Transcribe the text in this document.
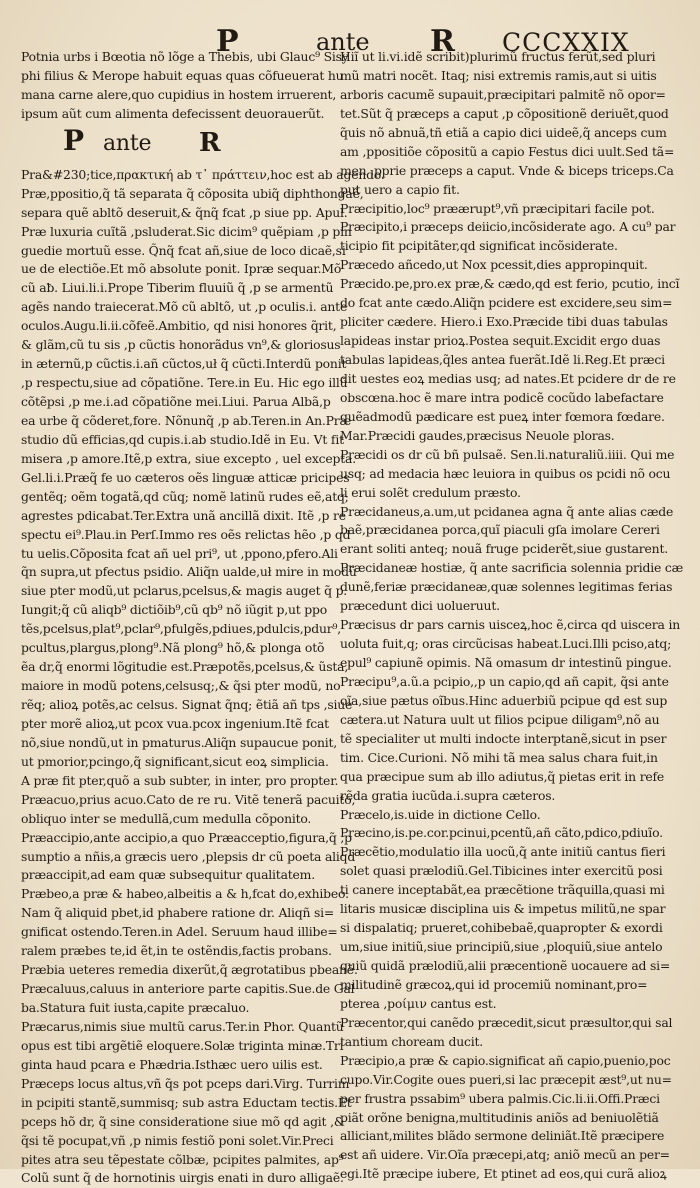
P	ante R CCCXXIX
Potnia urbs i Bœotia nõ lõge a Thebis, ubi Glauc⁹ Sisy
phi filius & Merope habuit equas quas cõfueuerat hu
mana carne alere,quo cupidius in hostem irruerent,
ipsum aũt cum alimenta defecissent deuorauerũt.
P ante R
Pra&#230;tice,πρακτική ab τ᾽ πράττειν,hoc est ab agendo.
Præ,ppositio,q̃ tã separata q̃ cõposita ubiq̃ diphthongaẽ,
separa quẽ abltõ deseruit,& q̃nq̃ fcat ,p siue pp. Apul.
Præ luxuria cuĩtã ,psluderat.Sic dicim⁹ quẽpiam ,p pin
guedie mortuũ esse. Q̃nq̃ fcat añ,siue de loco dicaẽ,si
ue de electiõe.Et mõ absolute ponit. Ipræ sequar.Mõ
cũ aƀ. Liui.li.i.Prope Tiberim fluuiũ q̃ ,p se armentũ
agẽs nando traiecerat.Mõ cũ abltõ, ut ,p oculis.i. ante
oculos.Augu.li.ii.cõfeẽ.Ambitio, qd nisi honores q̃rit,
& glãm,cũ tu sis ,p cũctis honorãdus vn⁹,& gloriosus
in æternũ,p cũctis.i.añ cũctos,uł q̃ cũcti.Interdũ ponit
,p respectu,siue ad cõpatiõne. Tere.in Eu. Hic ego illũ
cõtẽpsi ,p me.i.ad cõpatiõne mei.Liui. Parua Albã,p
ea urbe q̃ cõderet,fore. Nõnunq̃ ,p ab.Teren.in An.Præ
studio dũ efficias,qd cupis.i.ab studio.Idẽ in Eu. Vt fit
misera ,p amore.Itẽ,p extra, siue excepto , uel excepta.
Gel.li.i.Præq̃ fe uo cæteros oẽs linguæ atticæ pricipes
gentẽq; oẽm togatã,qd cũq; nomẽ latinũ rudes eẽ,atq;
agrestes pdicabat.Ter.Extra unã ancillã dixit. Itẽ ,p re
spectu ei⁹.Plau.in Perſ.Immo res oẽs relictas hẽo ,p qd
tu uelis.Cõposita fcat añ uel pri⁹, ut ,ppono,pfero.Ali
q̃n supra,ut pfectus psidio. Aliq̃n ualde,uł mire in modũ
siue pter modũ,ut pclarus,pcelsus,& magis auget q̃ p.
Iungit;q̃ cũ aliqb⁹ dictiõib⁹,cũ qb⁹ nõ iũgit p,ut ppo
tẽs,pcelsus,plat⁹,pclar⁹,pfulgẽs,pdiues,pdulcis,pdur⁹,
pcultus,plargus,plong⁹.Nã plong⁹ hõ,& plonga otõ
ẽa dr,q̃ enormi lõgitudie est.Præpotẽs,pcelsus,& ũsta,
maiore in modũ potens,celsusq;,& q̃si pter modũ, no
rẽq; alioꝝ potẽs,ac celsus. Signat q̃nq; ẽtiã añ tps ,siue
pter morẽ alioꝝ,ut pcox vua.pcox ingenium.Itẽ fcat
nõ,siue nondũ,ut in pmaturus.Aliq̃n supaucue ponit,
ut pmorior,pcingo,q̃ significant,sicut eoꝝ simplicia.
A præ fit pter,quõ a sub subter, in inter, pro propter.
Præacuo,prius acuo.Cato de re ru. Vitẽ tenerã pacuito,
obliquo inter se medullã,cum medulla cõponito.
Præaccipio,ante accipio,a quo Præacceptio,figura,q̃ ,p
sumptio a nñis,a græcis uero ,plepsis dr cũ poeta aliqd
præaccipit,ad eam quæ subsequitur qualitatem.
Præbeo,a præ & habeo,albeitis a & h,fcat do,exhibeo.
Nam q̃ aliquid pbet,id phabere ratione dr. Aliqñ si=
gnificat ostendo.Teren.in Adel. Seruum haud illibe=
ralem præbes te,id ẽt,in te ostẽndis,factis probans.
Præbia ueteres remedia dixerũt,q̃ ægrotatibus pbeanẽ.
Præcaluus,caluus in anteriore parte capitis.Sue.de Gal
ba.Statura fuit iusta,capite præcaluo.
Præcarus,nimis siue multũ carus.Ter.in Phor. Quantũ
opus est tibi argẽtiẽ eloquere.Solæ triginta minæ.Tri
ginta haud pcara e Phædria.Isthæc uero uilis est.
Præceps locus altus,vñ q̃s pot pceps dari.Virg. Turrim
in pcipiti stantẽ,summisq; sub astra Eductam tectis.Et
pceps hõ dr, q̃ sine consideratione siue mõ qd agit ,&
q̃si tẽ pocupat,vñ ,p nimis festiõ poni solet.Vir.Preci
pites atra seu tẽpestate cõlbæ, pcipites palmites, ap⁹
Colũ sunt q̃ de hornotinis uirgis enati in duro alligaẽ.
Hiĩ ut li.vi.idẽ scribit)plurimũ fructus ferũt,sed pluri
mũ matri nocẽt. Itaq; nisi extremis ramis,aut si uitis
arboris cacumẽ supauit,præcipitari palmitẽ nõ opor=
tet.Sũt q̃ præceps a caput ,p cõpositionẽ deriuẽt,quod
q̃uis nõ abnuã,tñ etiã a capio dici uideẽ,q̃ anceps cum
am ,ppositiõe cõpositũ a capio Festus dici uult.Sed tã=
men ,pprie præceps a caput. Vnde & biceps triceps.Ca
put uero a capio fit.
Præcipitio,loc⁹ præærupt⁹,vñ præcipitari facile pot.
Præcipito,i præceps deiicio,incõsiderate ago. A cu⁹ par
ticipio fit pcipitãter,qd significat incõsiderate.
Præcedo añcedo,ut Nox pcessit,dies appropinquit.
Præcido.pe,pro.ex præ,& cædo,qd est ferio, pcutio, incĩ
do fcat ante cædo.Aliq̃n pcidere est excidere,seu sim=
pliciter cædere. Hiero.i Exo.Præcide tibi duas tabulas
lapideas instar prioꝝ.Postea sequit.Excidit ergo duas
tabulas lapideas,q̃les antea fuerãt.Idẽ li.Reg.Et præci
dit uestes eoꝝ medias usq; ad nates.Et pcidere dr de re
obscœna.hoc ẽ mare intra podicẽ cocũdo labefactare
quẽadmodũ pædicare est pueꝝ inter fœmora fœdare.
Mar.Præcidi gaudes,præcisus Neuole ploras.
Præcidi os dr cũ bñ pulsaẽ. Sen.li.naturaliũ.iiii. Qui me
usq; ad medacia hæc leuiora in quibus os pcidi nõ ocu
li erui solẽt credulum præsto.
Præcidaneus,a.um,ut pcidanea agna q̃ ante alias cæde
baẽ,præcidanea porca,quĩ piaculi gſa imolare Cereri
erant soliti anteq; nouã fruge pciderẽt,siue gustarent.
Præcidaneæ hostiæ, q̃ ante sacrificia solennia pridie cæ
dunẽ,feriæ præcidaneæ,quæ solennes legitimas ferias
præcedunt dici uolueruut.
Præcisus dr pars carnis uisceꝝ,hoc ẽ,circa qd uiscera in
uoluta fuit,q; oras circũcisas habeat.Luci.Illi pciso,atq;
epul⁹ capiunẽ opimis. Nã omasum dr intestinũ pingue.
Præcipu⁹,a.ũ.a pcipio,,p un capio,qd añ capit, q̃si ante
oĩa,siue pætus oĩbus.Hinc aduerbiũ pcipue qd est sup
cætera.ut Natura uult ut filios pcipue diligam⁹,nõ au
tẽ specialiter ut multi indocte interptanẽ,sicut in pser
tim. Cice.Curioni. Nõ mihi tã mea salus chara fuit,in
qua præcipue sum ab illo adiutus,q̃ pietas erit in refe
rẽda gratia iucũda.i.supra cæteros.
Præcelo,is.uide in dictione Cello.
Præcino,is.pe.cor.pcinui,pcentũ,añ cãto,pdico,pdiuĩo.
Præcẽtio,modulatio illa uocũ,q̃ ante initiũ cantus fieri
solet quasi prælodiũ.Gel.Tibicines inter exercitũ posi
ti canere inceptabãt,ea præcẽtione trãquilla,quasi mi
litaris musicæ disciplina uis & impetus militũ,ne spar
si dispalatiq; prueret,cohibebaẽ,quapropter & exordi
um,siue initiũ,siue principiũ,siue ,ploquiũ,siue antelo
quiũ quidã prælodiũ,alii præcentionẽ uocauere ad si=
militudinẽ græcoꝝ,qui id procemiũ nominant,pro=
pterea ,pοίμιν cantus est.
Præcentor,qui canẽdo præcedit,sicut præsultor,qui sal
tantium choream ducit.
Præcipio,a præ & capio.significat añ capio,puenio,poc
cupo.Vir.Cogite oues pueri,si lac præcepit æst⁹,ut nu=
per frustra pssabim⁹ ubera palmis.Cic.li.ii.Offi.Præci
piãt orõne benigna,multitudinis aniõs ad beniuolẽtiã
alliciant,milites blãdo sermone deliniãt.Itẽ præcipere
est añ uidere. Vir.Oĩa præcepi,atq; aniõ mecũ an per=
egi.Itẽ præcipe iubere, Et ptinet ad eos,qui curã alioꝝ
